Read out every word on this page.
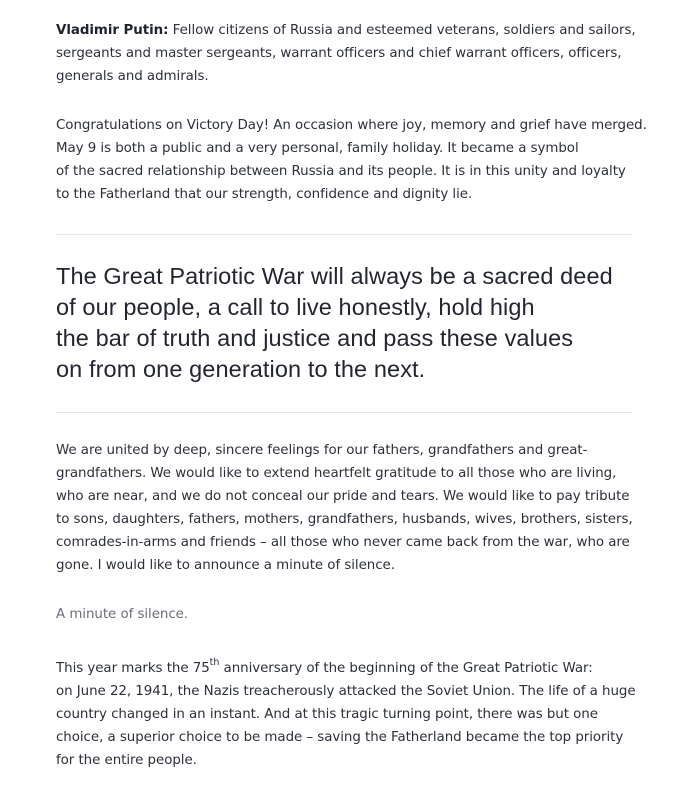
Vladimir Putin: Fellow citizens of Russia and esteemed veterans, soldiers and sailors,
sergeants and master sergeants, warrant officers and chief warrant officers, officers,
generals and admirals.

Congratulations on Victory Day! An occasion where joy, memory and grief have merged.
May 9 is both a public and a very personal, family holiday. It became a symbol
of the sacred relationship between Russia and its people. It is in this unity and loyalty
to the Fatherland that our strength, confidence and dignity lie.

The Great Patriotic War will always be a sacred deed
of our people, a call to live honestly, hold high
the bar of truth and justice and pass these values
on from one generation to the next.

We are united by deep, sincere feelings for our fathers, grandfathers and great-
grandfathers. We would like to extend heartfelt gratitude to all those who are living,
who are near, and we do not conceal our pride and tears. We would like to pay tribute
to sons, daughters, fathers, mothers, grandfathers, husbands, wives, brothers, sisters,
comrades-in-arms and friends – all those who never came back from the war, who are
gone. I would like to announce a minute of silence.

A minute of silence.

This year marks the 75th anniversary of the beginning of the Great Patriotic War:
on June 22, 1941, the Nazis treacherously attacked the Soviet Union. The life of a huge
country changed in an instant. And at this tragic turning point, there was but one
choice, a superior choice to be made – saving the Fatherland became the top priority
for the entire people.
